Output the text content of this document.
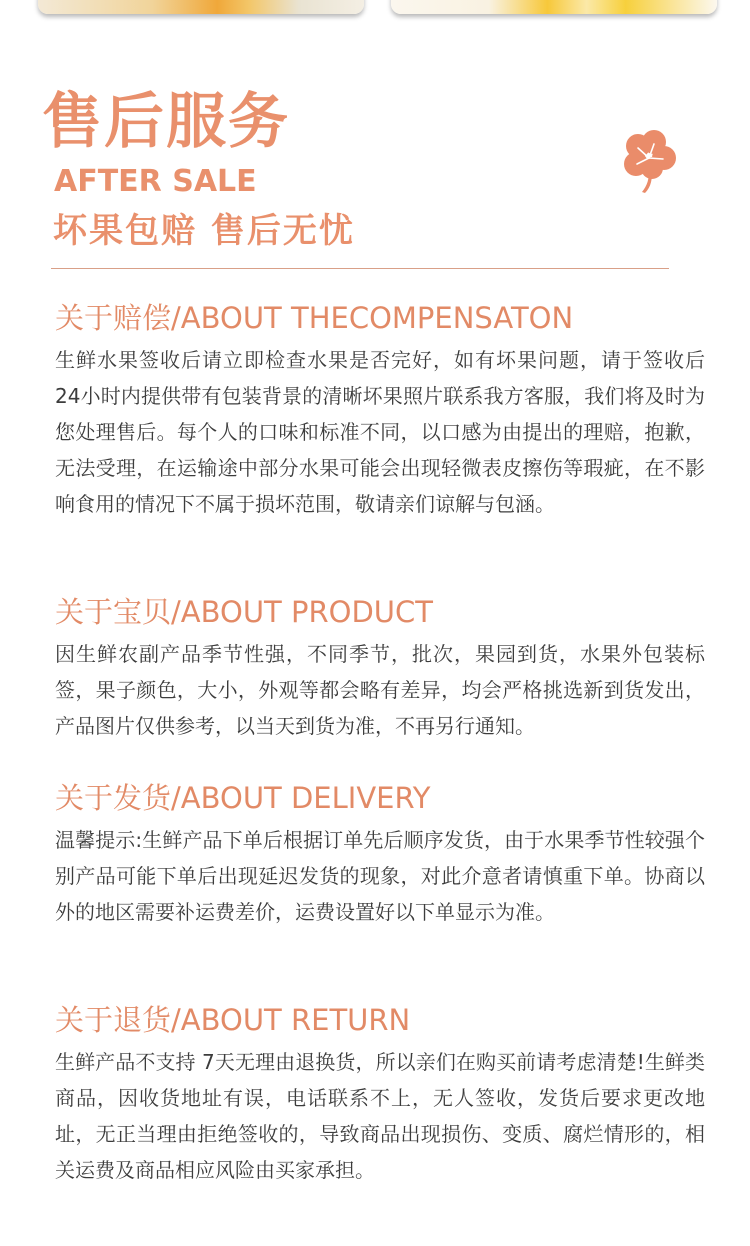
售后服务
AFTER SALE
坏果包赔 售后无忧
关于赔偿/ABOUT THECOMPENSATON

生鲜水果签收后请立即检查水果是否完好，如有坏果问题，请于签收后 24小时内提供带有包装背景的清晰坏果照片联系我方客服，我们将及时为您处理售后。每个人的口味和标准不同，以口感为由提出的理赔，抱歉，无法受理，在运输途中部分水果可能会出现轻微表皮擦伤等瑕疵，在不影响食用的情况下不属于损坏范围，敬请亲们谅解与包涵。

关于宝贝/ABOUT PRODUCT

因生鲜农副产品季节性强，不同季节，批次，果园到货，水果外包装标签，果子颜色，大小，外观等都会略有差异，均会严格挑选新到货发出，产品图片仅供参考，以当天到货为准，不再另行通知。

关于发货/ABOUT DELIVERY

温馨提示:生鲜产品下单后根据订单先后顺序发货，由于水果季节性较强个别产品可能下单后出现延迟发货的现象，对此介意者请慎重下单。协商以外的地区需要补运费差价，运费设置好以下单显示为准。

关于退货/ABOUT RETURN

生鲜产品不支持 7天无理由退换货，所以亲们在购买前请考虑清楚!生鲜类商品，因收货地址有误，电话联系不上，无人签收，发货后要求更改地址，无正当理由拒绝签收的，导致商品出现损伤、变质、腐烂情形的，相关运费及商品相应风险由买家承担。
